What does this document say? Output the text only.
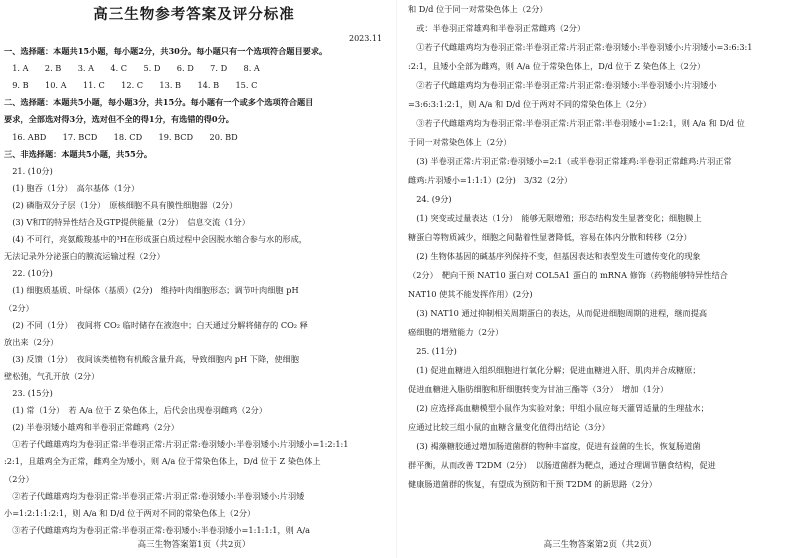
高三生物参考答案及评分标准
2023.11
一、选择题：本题共15小题，每小题2分，共30分。每小题只有一个选项符合题目要求。
　1. A　　2. B　　3. A　　4. C　　5. D　　6. D　　7. D　　8. A
　9. B　　10. A　　11. C　　12. C　　13. B　　14. B　　15. C
二、选择题：本题共5小题，每小题3分，共15分。每小题有一个或多个选项符合题目
要求，全部选对得3分，选对但不全的得1分，有选错的得0分。
　16. ABD　　17. BCD　　18. CD　　19. BCD　　20. BD
三、非选择题：本题共5小题，共55分。
　21. (10分)
　(1) 胞吞（1分）　高尔基体（1分）
　(2) 磷脂双分子层（1分）　原核细胞不具有膜性细胞器（2分）
　(3) V和T的特异性结合及GTP提供能量（2分）　信息交流（1分）
　(4) 不可行，亮氨酸羧基中的³H在形成蛋白质过程中会因脱水缩合参与水的形成，
无法记录外分泌蛋白的膜流运输过程（2分）
　22. (10分)
　(1) 细胞质基质、叶绿体（基质）(2分)　维持叶肉细胞形态；调节叶肉细胞 pH
（2分）
　(2) 不同（1分）　夜间将 CO₂ 临时储存在液泡中；白天通过分解将储存的 CO₂ 释
放出来（2分）
　(3) 反馈（1分）　夜间该类植物有机酸含量升高，导致细胞内 pH 下降，使细胞
壁松弛，气孔开放（2分）
　23. (15分)
　(1) 常（1分）　若 A/a 位于 Z 染色体上，后代会出现卷羽雌鸡（2分）
　(2) 半卷羽矮小雄鸡和半卷羽正常雌鸡（2分）
　①若子代雌雄鸡均为卷羽正常:半卷羽正常:片羽正常:卷羽矮小:半卷羽矮小:片羽矮小=1:2:1:1
:2:1，且雄鸡全为正常，雌鸡全为矮小，则 A/a 位于常染色体上，D/d 位于 Z 染色体上
（2分）
　②若子代雌雄鸡均为卷羽正常:半卷羽正常:片羽正常:卷羽矮小:半卷羽矮小:片羽矮
小=1:2:1:1:2:1，则 A/a 和 D/d 位于两对不同的常染色体上（2分）
　③若子代雌雄鸡均为卷羽正常:半卷羽正常:卷羽矮小:半卷羽矮小=1:1:1:1，则 A/a
高三生物答案第1页（共2页）
和 D/d 位于同一对常染色体上（2分）
　或：半卷羽正常雄鸡和半卷羽正常雌鸡（2分）
　①若子代雌雄鸡均为卷羽正常:半卷羽正常:片羽正常:卷羽矮小:半卷羽矮小:片羽矮小=3:6:3:1
:2:1，且矮小全部为雌鸡，则 A/a 位于常染色体上，D/d 位于 Z 染色体上（2分）
　②若子代雌雄鸡均为卷羽正常:半卷羽正常:片羽正常:卷羽矮小:半卷羽矮小:片羽矮小
=3:6:3:1:2:1，则 A/a 和 D/d 位于两对不同的常染色体上（2分）
　③若子代雌雄鸡均为卷羽正常:半卷羽正常:片羽正常:半卷羽矮小=1:2:1，则 A/a 和 D/d 位
于同一对常染色体上（2分）
　(3) 半卷羽正常:片羽正常:卷羽矮小=2:1（或半卷羽正常雄鸡:半卷羽正常雌鸡:片羽正常
雌鸡:片羽矮小=1:1:1）(2分)　3/32（2分）
　24. (9分)
　(1) 突变或过量表达（1分）　能够无限增殖；形态结构发生显著变化；细胞膜上
糖蛋白等物质减少，细胞之间黏着性显著降低，容易在体内分散和转移（2分）
　(2) 生物体基因的碱基序列保持不变，但基因表达和表型发生可遗传变化的现象
（2分）　靶向干预 NAT10 蛋白对 COL5A1 蛋白的 mRNA 修饰（药物能够特异性结合
NAT10 使其不能发挥作用）(2分)
　(3) NAT10 通过抑制相关周期蛋白的表达，从而促进细胞周期的进程，继而提高
癌细胞的增殖能力（2分）
　25. (11分)
　(1) 促进血糖进入组织细胞进行氧化分解；促进血糖进入肝、肌肉并合成糖原；
促进血糖进入脂肪细胞和肝细胞转变为甘油三酯等（3分）　增加（1分）
　(2) 应选择高血糖模型小鼠作为实验对象；甲组小鼠应每天灌胃适量的生理盐水；
应通过比较三组小鼠的血糖含量变化值得出结论（3分）
　(3) 褐藻糖胶通过增加肠道菌群的物种丰富度，促进有益菌的生长，恢复肠道菌
群平衡，从而改善 T2DM（2分）　以肠道菌群为靶点，通过合理调节膳食结构，促进
健康肠道菌群的恢复，有望成为预防和干预 T2DM 的新思路（2分）
高三生物答案第2页（共2页）
